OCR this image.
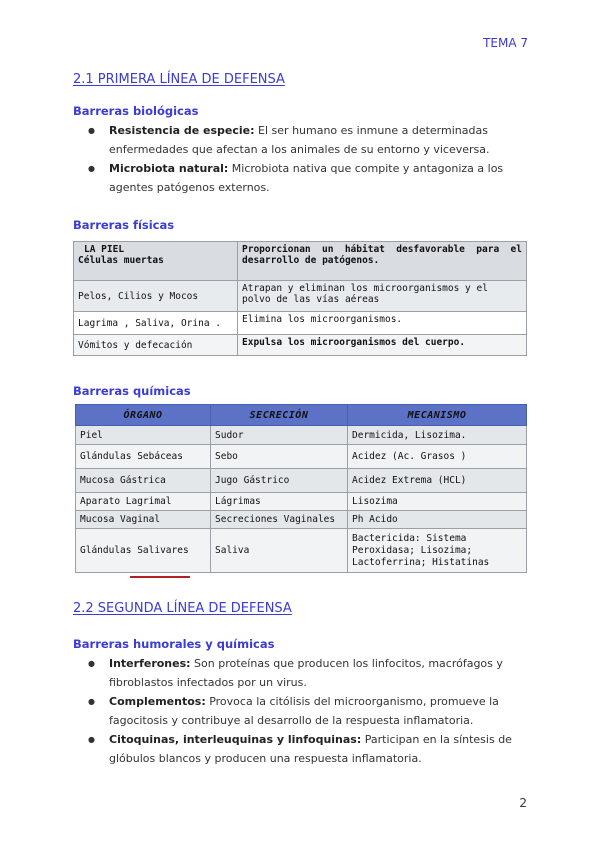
TEMA 7
2.1 PRIMERA LÍNEA DE DEFENSA
Barreras biológicas
● Resistencia de especie: El ser humano es inmune a determinadas enfermedades que afectan a los animales de su entorno y viceversa.
● Microbiota natural: Microbiota nativa que compite y antagoniza a los agentes patógenos externos.
Barreras físicas
LA PIEL
Células muertas	Proporcionan un hábitat desfavorable para el desarrollo de patógenos.
Pelos, Cilios y Mocos	Atrapan y eliminan los microorganismos y el polvo de las vías aéreas
Lagrima , Saliva, Orina .	Elimina los microorganismos.
Vómitos y defecación	Expulsa los microorganismos del cuerpo.
Barreras químicas
ÓRGANO	SECRECIÓN	MECANISMO
Piel	Sudor	Dermicida, Lisozima.
Glándulas Sebáceas	Sebo	Acidez (Ac. Grasos )
Mucosa Gástrica	Jugo Gástrico	Acidez Extrema (HCL)
Aparato Lagrimal	Lágrimas	Lisozima
Mucosa Vaginal	Secreciones Vaginales	Ph Acido
Glándulas Salivares	Saliva	Bactericida: Sistema Peroxidasa; Lisozima; Lactoferrina; Histatinas
2.2 SEGUNDA LÍNEA DE DEFENSA
Barreras humorales y químicas
● Interferones: Son proteínas que producen los linfocitos, macrófagos y fibroblastos infectados por un virus.
● Complementos: Provoca la citólisis del microorganismo, promueve la fagocitosis y contribuye al desarrollo de la respuesta inflamatoria.
● Citoquinas, interleuquinas y linfoquinas: Participan en la síntesis de glóbulos blancos y producen una respuesta inflamatoria.
2
